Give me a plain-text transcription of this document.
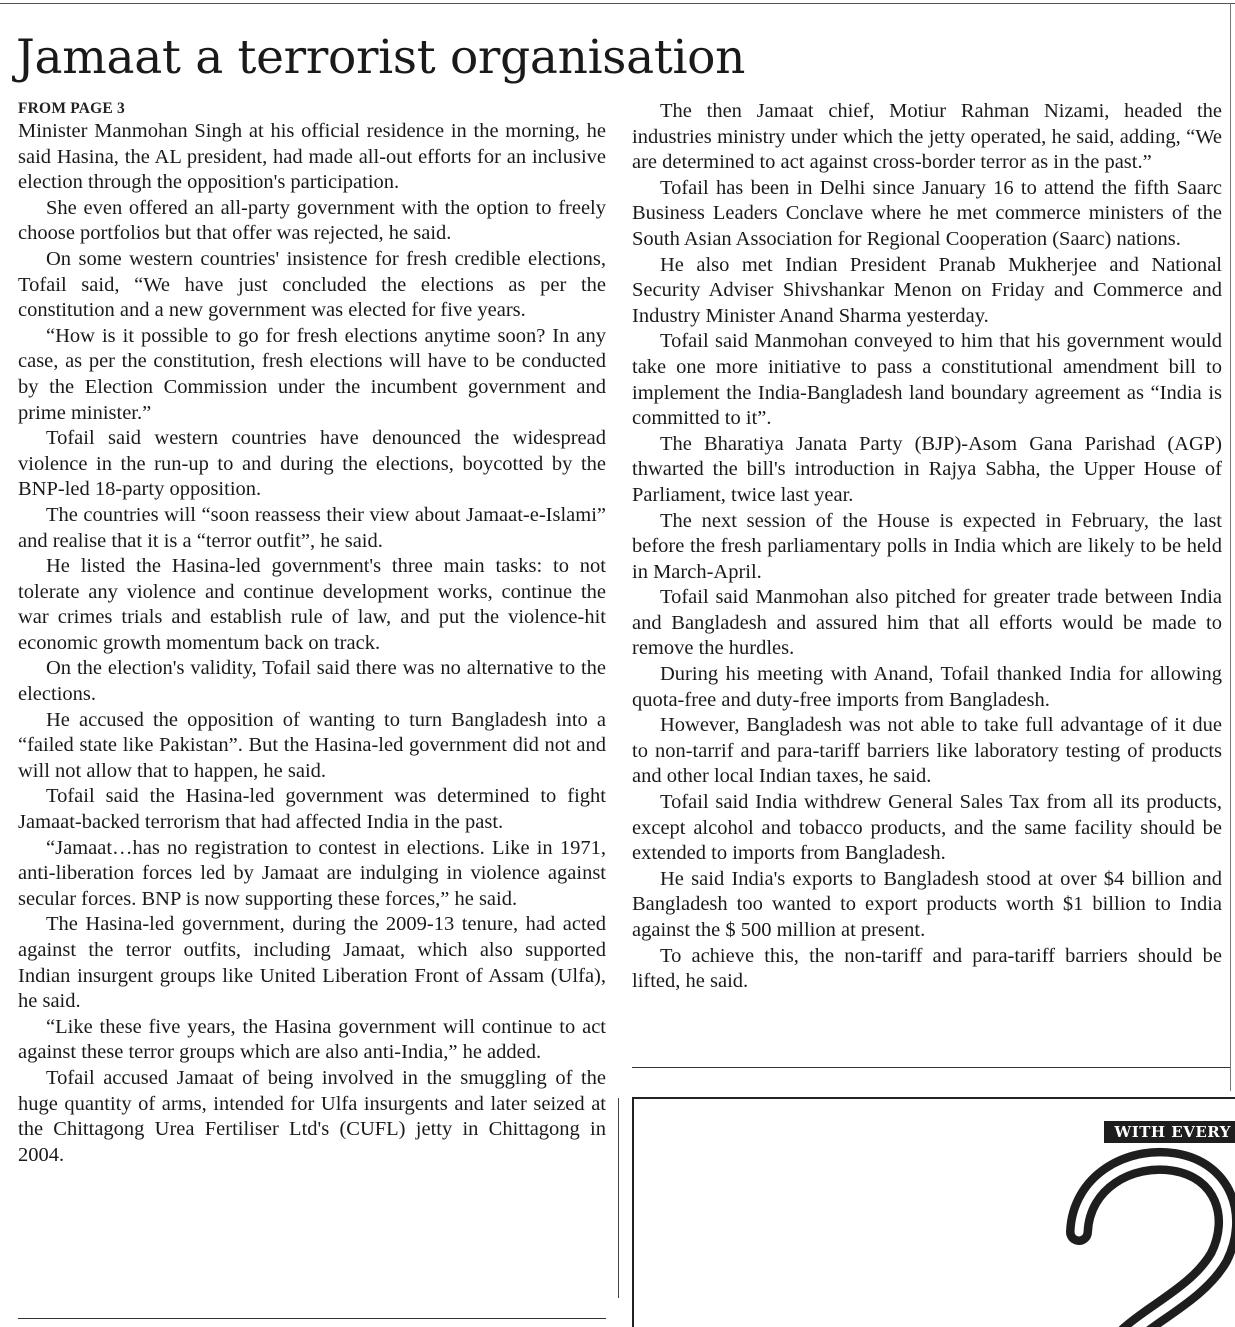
Jamaat a terrorist organisation
FROM PAGE 3

Minister Manmohan Singh at his official residence in the morning, he said Hasina, the AL president, had made all-out efforts for an inclusive election through the opposition's participation.

She even offered an all-party government with the option to freely choose portfolios but that offer was rejected, he said.

On some western countries' insistence for fresh credible elections, Tofail said, “We have just concluded the elections as per the constitution and a new government was elected for five years.

“How is it possible to go for fresh elections anytime soon? In any case, as per the constitution, fresh elections will have to be conducted by the Election Commission under the incumbent government and prime minister.”

Tofail said western countries have denounced the widespread violence in the run-up to and during the elections, boycotted by the BNP-led 18-party opposition.

The countries will “soon reassess their view about Jamaat-e-Islami” and realise that it is a “terror outfit”, he said.

He listed the Hasina-led government's three main tasks: to not tolerate any violence and continue development works, continue the war crimes trials and establish rule of law, and put the violence-hit economic growth momentum back on track.

On the election's validity, Tofail said there was no alternative to the elections.

He accused the opposition of wanting to turn Bangladesh into a “failed state like Pakistan”. But the Hasina-led government did not and will not allow that to happen, he said.

Tofail said the Hasina-led government was determined to fight Jamaat-backed terrorism that had affected India in the past.

“Jamaat…has no registration to contest in elections. Like in 1971, anti-liberation forces led by Jamaat are indulging in violence against secular forces. BNP is now supporting these forces,” he said.

The Hasina-led government, during the 2009-13 tenure, had acted against the terror outfits, including Jamaat, which also supported Indian insurgent groups like United Liberation Front of Assam (Ulfa), he said.

“Like these five years, the Hasina government will continue to act against these terror groups which are also anti-India,” he added.

Tofail accused Jamaat of being involved in the smuggling of the huge quantity of arms, intended for Ulfa insurgents and later seized at the Chittagong Urea Fertiliser Ltd's (CUFL) jetty in Chittagong in 2004.

The then Jamaat chief, Motiur Rahman Nizami, headed the industries ministry under which the jetty operated, he said, adding, “We are determined to act against cross-border terror as in the past.”

Tofail has been in Delhi since January 16 to attend the fifth Saarc Business Leaders Conclave where he met commerce ministers of the South Asian Association for Regional Cooperation (Saarc) nations.

He also met Indian President Pranab Mukherjee and National Security Adviser Shivshankar Menon on Friday and Commerce and Industry Minister Anand Sharma yesterday.

Tofail said Manmohan conveyed to him that his government would take one more initiative to pass a constitutional amendment bill to implement the India-Bangladesh land boundary agreement as “India is committed to it”.

The Bharatiya Janata Party (BJP)-Asom Gana Parishad (AGP) thwarted the bill's introduction in Rajya Sabha, the Upper House of Parliament, twice last year.

The next session of the House is expected in February, the last before the fresh parliamentary polls in India which are likely to be held in March-April.

Tofail said Manmohan also pitched for greater trade between India and Bangladesh and assured him that all efforts would be made to remove the hurdles.

During his meeting with Anand, Tofail thanked India for allowing quota-free and duty-free imports from Bangladesh.

However, Bangladesh was not able to take full advantage of it due to non-tarrif and para-tariff barriers like laboratory testing of products and other local Indian taxes, he said.

Tofail said India withdrew General Sales Tax from all its products, except alcohol and tobacco products, and the same facility should be extended to imports from Bangladesh.

He said India's exports to Bangladesh stood at over $4 billion and Bangladesh too wanted to export products worth $1 billion to India against the $ 500 million at present.

To achieve this, the non-tariff and para-tariff barriers should be lifted, he said.

WITH EVERY
